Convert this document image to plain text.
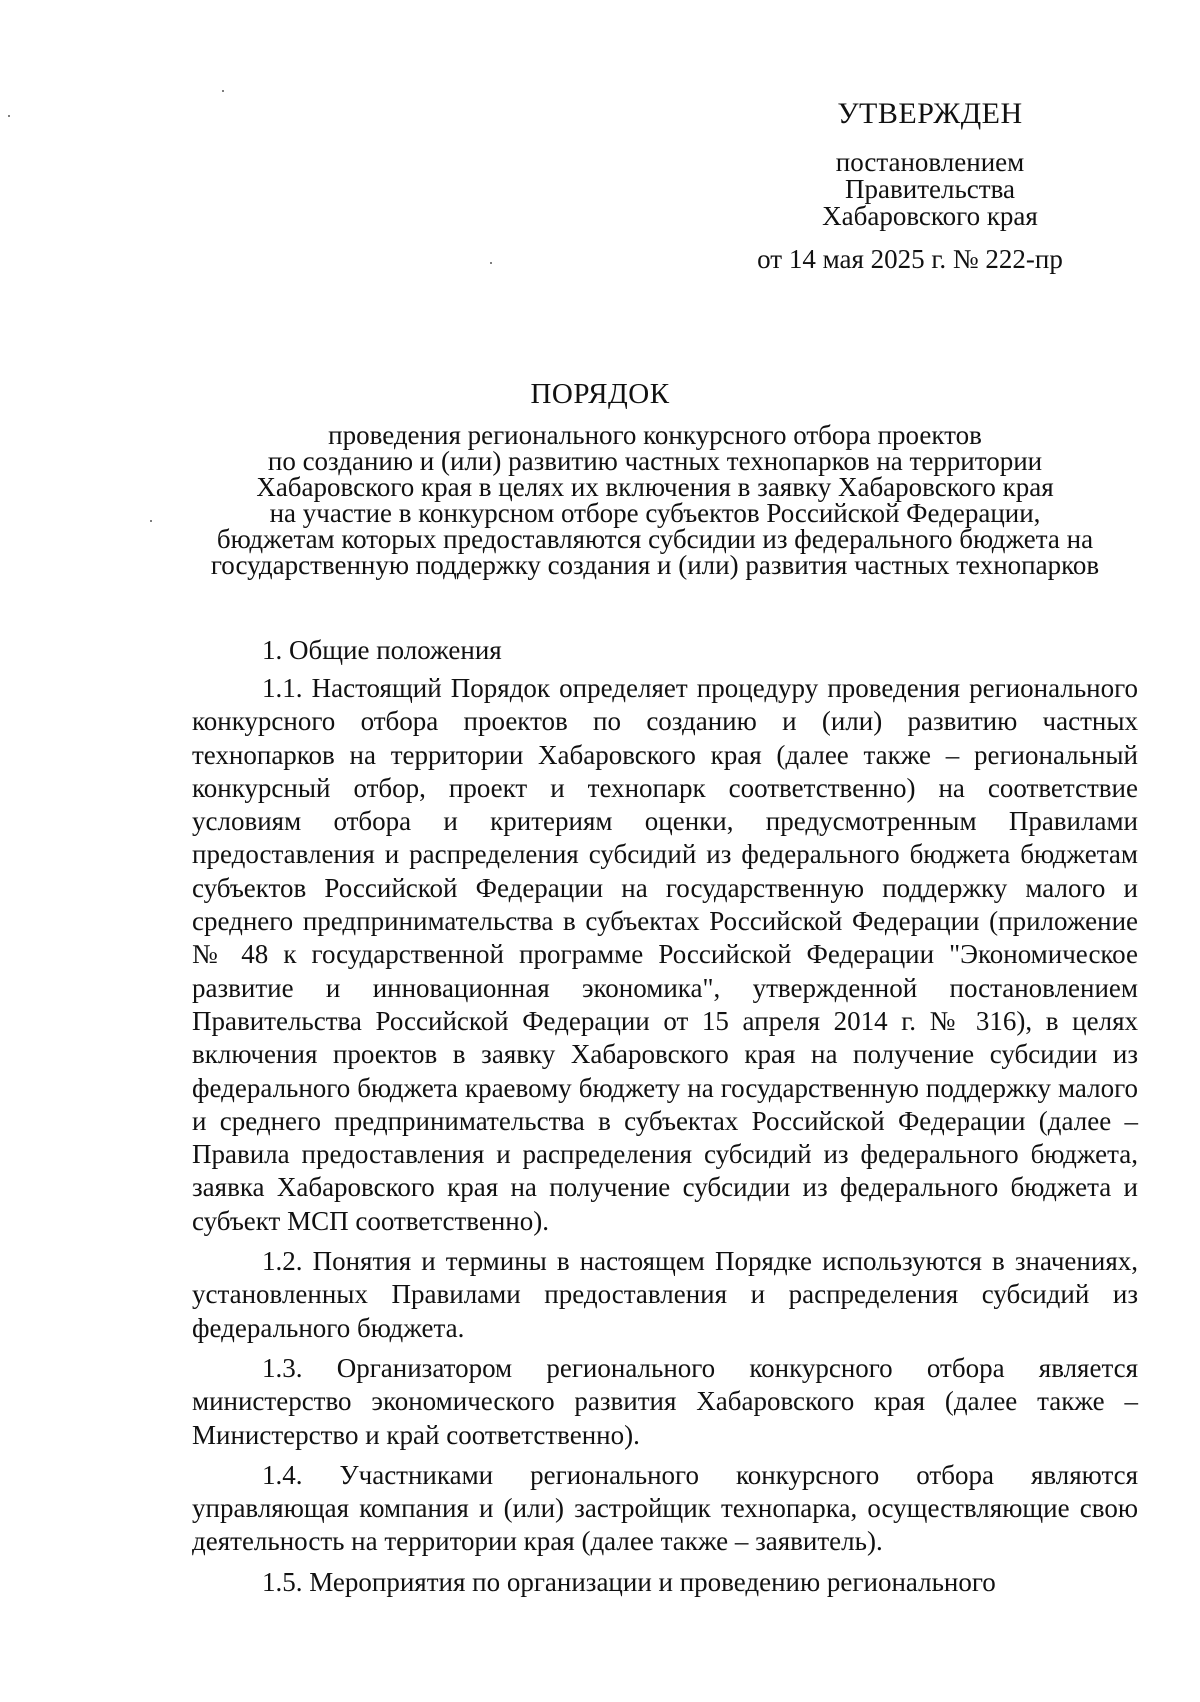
УТВЕРЖДЕН
постановлением
Правительства
Хабаровского края
от 14 мая 2025 г. № 222-пр
ПОРЯДОК
проведения регионального конкурсного отбора проектов
по созданию и (или) развитию частных технопарков на территории
Хабаровского края в целях их включения в заявку Хабаровского края
на участие в конкурсном отборе субъектов Российской Федерации,
бюджетам которых предоставляются субсидии из федерального бюджета на
государственную поддержку создания и (или) развития частных технопарков
1. Общие положения

1.1. Настоящий Порядок определяет процедуру проведения регионального конкурсного отбора проектов по созданию и (или) развитию частных технопарков на территории Хабаровского края (далее также – региональный конкурсный отбор, проект и технопарк соответственно) на соответствие условиям отбора и критериям оценки, предусмотренным Правилами предоставления и распределения субсидий из федерального бюджета бюджетам субъектов Российской Федерации на государственную поддержку малого и среднего предпринимательства в субъектах Российской Федерации (приложение № 48 к государственной программе Российской Федерации "Экономическое развитие и инновационная экономика", утвержденной постановлением Правительства Российской Федерации от 15 апреля 2014 г. № 316), в целях включения проектов в заявку Хабаровского края на получение субсидии из федерального бюджета краевому бюджету на государственную поддержку малого и среднего предпринимательства в субъектах Российской Федерации (далее – Правила предоставления и распределения субсидий из федерального бюджета, заявка Хабаровского края на получение субсидии из федерального бюджета и субъект МСП соответственно).

1.2. Понятия и термины в настоящем Порядке используются в значениях, установленных Правилами предоставления и распределения субсидий из федерального бюджета.

1.3. Организатором регионального конкурсного отбора является министерство экономического развития Хабаровского края (далее также – Министерство и край соответственно).

1.4. Участниками регионального конкурсного отбора являются управляющая компания и (или) застройщик технопарка, осуществляющие свою деятельность на территории края (далее также – заявитель).

1.5. Мероприятия по организации и проведению регионального
